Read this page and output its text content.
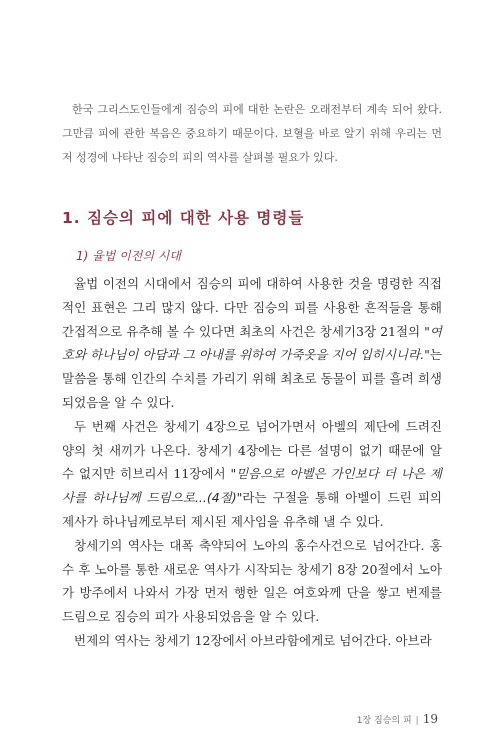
한국 그리스도인들에게 짐승의 피에 대한 논란은 오래전부터 계속 되어 왔다. 그만큼 피에 관한 복음은 중요하기 때문이다. 보혈을 바로 알기 위해 우리는 먼저 성경에 나타난 짐승의 피의 역사를 살펴볼 필요가 있다.

1. 짐승의 피에 대한 사용 명령들
1) 율법 이전의 시대

율법 이전의 시대에서 짐승의 피에 대하여 사용한 것을 명령한 직접적인 표현은 그리 많지 않다. 다만 짐승의 피를 사용한 흔적들을 통해 간접적으로 유추해 볼 수 있다면 최초의 사건은 창세기3장 21절의 "여호와 하나님이 아담과 그 아내를 위하여 가죽옷을 지어 입히시니라."는 말씀을 통해 인간의 수치를 가리기 위해 최초로 동물이 피를 흘려 희생 되었음을 알 수 있다.

두 번째 사건은 창세기 4장으로 넘어가면서 아벨의 제단에 드려진 양의 첫 새끼가 나온다. 창세기 4장에는 다른 설명이 없기 때문에 알 수 없지만 히브리서 11장에서 "믿음으로 아벨은 가인보다 더 나은 제사를 하나님께 드림으로...(4절)"라는 구절을 통해 아벨이 드린 피의 제사가 하나님께로부터 제시된 제사임을 유추해 낼 수 있다.

창세기의 역사는 대폭 축약되어 노아의 홍수사건으로 넘어간다. 홍수 후 노아를 통한 새로운 역사가 시작되는 창세기 8장 20절에서 노아가 방주에서 나와서 가장 먼저 행한 일은 여호와께 단을 쌓고 번제를 드림으로 짐승의 피가 사용되었음을 알 수 있다.

번제의 역사는 창세기 12장에서 아브라함에게로 넘어간다. 아브라

1장 짐승의 피 | 19
